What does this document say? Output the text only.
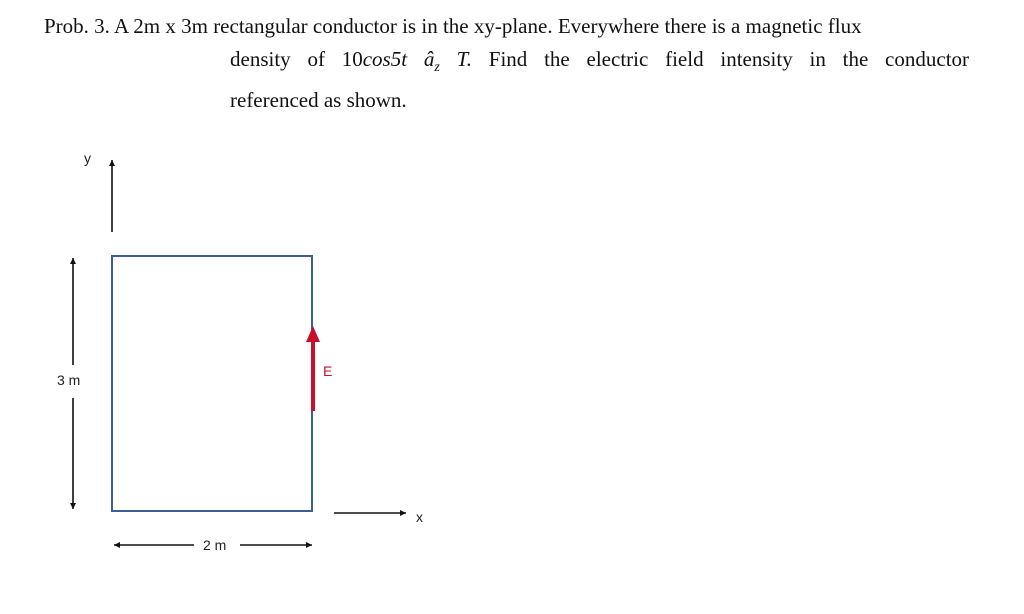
Prob. 3. A 2m x 3m rectangular conductor is in the xy-plane. Everywhere there is a magnetic flux
density of 10cos5t $â_z$ T. Find the electric field intensity in the conductor
referenced as shown.
y
x
3 m
2 m
E
